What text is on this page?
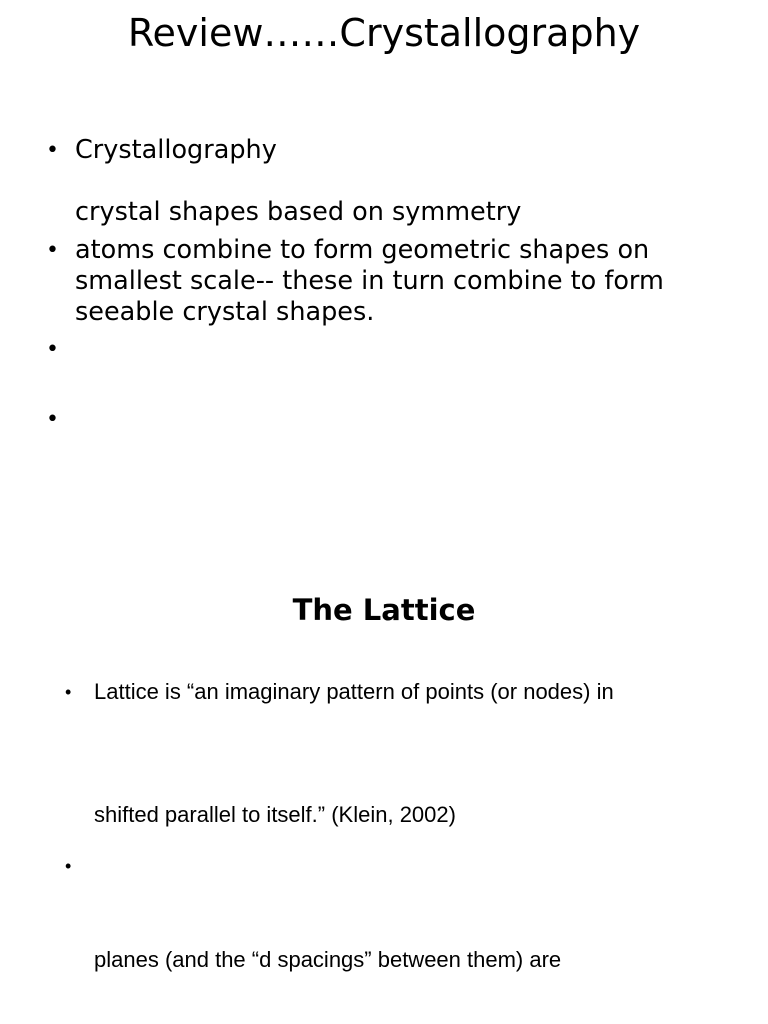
Review……Crystallography
• Crystallography
crystal shapes based on symmetry
• atoms combine to form geometric shapes on
smallest scale-- these in turn combine to form
seeable crystal shapes.
•
•
The Lattice
• Lattice is “an imaginary pattern of points (or nodes) in
shifted parallel to itself.” (Klein, 2002)
•
planes (and the “d spacings” between them) are
